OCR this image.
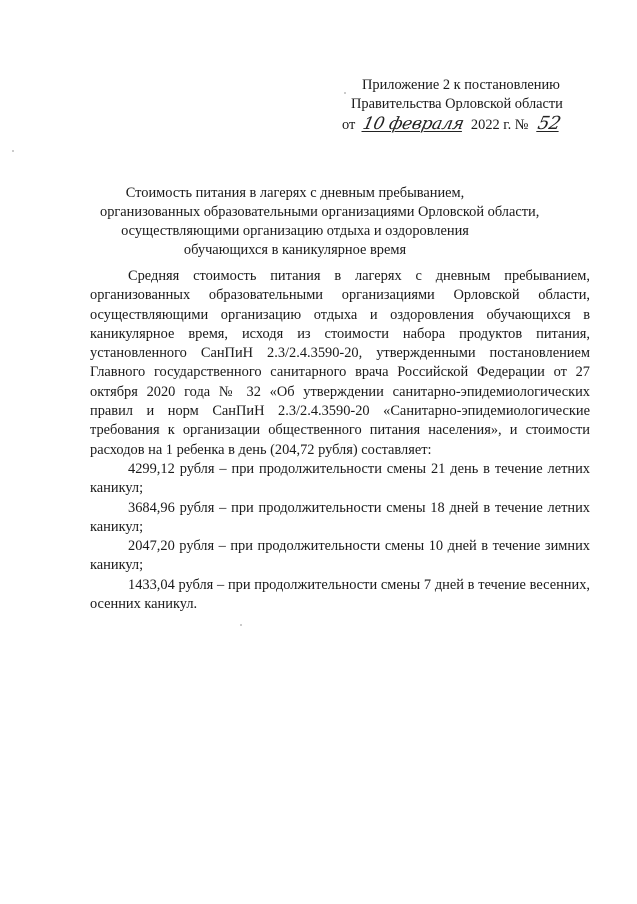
Приложение 2 к постановлению
Правительства Орловской области
от 10 февраля 2022 г. № 52
Стоимость питания в лагерях с дневным пребыванием,
организованных образовательными организациями Орловской области,
осуществляющими организацию отдыха и оздоровления
обучающихся в каникулярное время

Средняя стоимость питания в лагерях с дневным пребыванием, организованных образовательными организациями Орловской области, осуществляющими организацию отдыха и оздоровления обучающихся в каникулярное время, исходя из стоимости набора продуктов питания, установленного СанПиН 2.3/2.4.3590-20, утвержденными постановлением Главного государственного санитарного врача Российской Федерации от 27 октября 2020 года № 32 «Об утверждении санитарно-эпидемиологических правил и норм СанПиН 2.3/2.4.3590-20 «Санитарно-эпидемиологические требования к организации общественного питания населения», и стоимости расходов на 1 ребенка в день (204,72 рубля) составляет:

4299,12 рубля – при продолжительности смены 21 день в течение летних каникул;

3684,96 рубля – при продолжительности смены 18 дней в течение летних каникул;

2047,20 рубля – при продолжительности смены 10 дней в течение зимних каникул;

1433,04 рубля – при продолжительности смены 7 дней в течение весенних, осенних каникул.
